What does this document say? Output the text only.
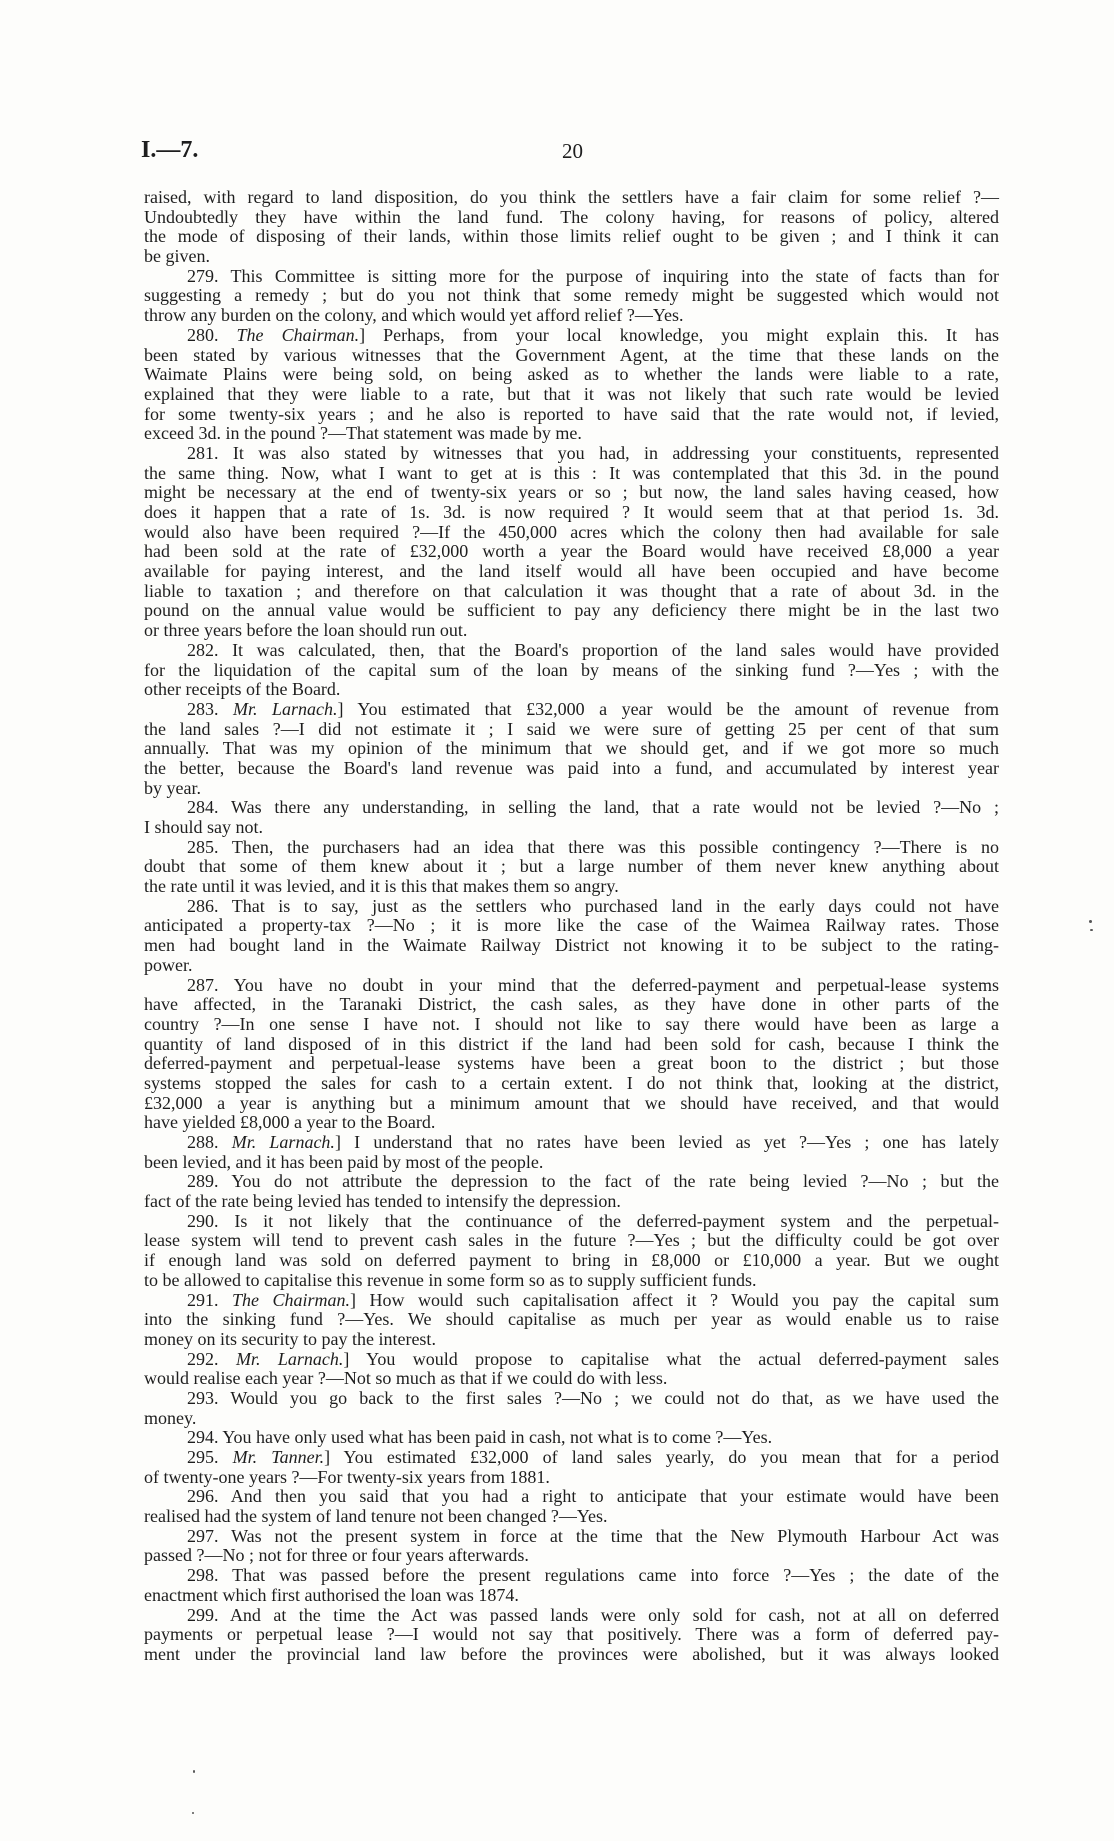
I.—7.	20
raised, with regard to land disposition, do you think the settlers have a fair claim for some relief ?—
Undoubtedly they have within the land fund. The colony having, for reasons of policy, altered
the mode of disposing of their lands, within those limits relief ought to be given ; and I think it can
be given.
279. This Committee is sitting more for the purpose of inquiring into the state of facts than for
suggesting a remedy ; but do you not think that some remedy might be suggested which would not
throw any burden on the colony, and which would yet afford relief ?—Yes.
280. The Chairman.] Perhaps, from your local knowledge, you might explain this. It has
been stated by various witnesses that the Government Agent, at the time that these lands on the
Waimate Plains were being sold, on being asked as to whether the lands were liable to a rate,
explained that they were liable to a rate, but that it was not likely that such rate would be levied
for some twenty-six years ; and he also is reported to have said that the rate would not, if levied,
exceed 3d. in the pound ?—That statement was made by me.
281. It was also stated by witnesses that you had, in addressing your constituents, represented
the same thing. Now, what I want to get at is this : It was contemplated that this 3d. in the pound
might be necessary at the end of twenty-six years or so ; but now, the land sales having ceased, how
does it happen that a rate of 1s. 3d. is now required ? It would seem that at that period 1s. 3d.
would also have been required ?—If the 450,000 acres which the colony then had available for sale
had been sold at the rate of £32,000 worth a year the Board would have received £8,000 a year
available for paying interest, and the land itself would all have been occupied and have become
liable to taxation ; and therefore on that calculation it was thought that a rate of about 3d. in the
pound on the annual value would be sufficient to pay any deficiency there might be in the last two
or three years before the loan should run out.
282. It was calculated, then, that the Board's proportion of the land sales would have provided
for the liquidation of the capital sum of the loan by means of the sinking fund ?—Yes ; with the
other receipts of the Board.
283. Mr. Larnach.] You estimated that £32,000 a year would be the amount of revenue from
the land sales ?—I did not estimate it ; I said we were sure of getting 25 per cent of that sum
annually. That was my opinion of the minimum that we should get, and if we got more so much
the better, because the Board's land revenue was paid into a fund, and accumulated by interest year
by year.
284. Was there any understanding, in selling the land, that a rate would not be levied ?—No ;
I should say not.
285. Then, the purchasers had an idea that there was this possible contingency ?—There is no
doubt that some of them knew about it ; but a large number of them never knew anything about
the rate until it was levied, and it is this that makes them so angry.
286. That is to say, just as the settlers who purchased land in the early days could not have
anticipated a property-tax ?—No ; it is more like the case of the Waimea Railway rates. Those
men had bought land in the Waimate Railway District not knowing it to be subject to the rating-
power.
287. You have no doubt in your mind that the deferred-payment and perpetual-lease systems
have affected, in the Taranaki District, the cash sales, as they have done in other parts of the
country ?—In one sense I have not. I should not like to say there would have been as large a
quantity of land disposed of in this district if the land had been sold for cash, because I think the
deferred-payment and perpetual-lease systems have been a great boon to the district ; but those
systems stopped the sales for cash to a certain extent. I do not think that, looking at the district,
£32,000 a year is anything but a minimum amount that we should have received, and that would
have yielded £8,000 a year to the Board.
288. Mr. Larnach.] I understand that no rates have been levied as yet ?—Yes ; one has lately
been levied, and it has been paid by most of the people.
289. You do not attribute the depression to the fact of the rate being levied ?—No ; but the
fact of the rate being levied has tended to intensify the depression.
290. Is it not likely that the continuance of the deferred-payment system and the perpetual-
lease system will tend to prevent cash sales in the future ?—Yes ; but the difficulty could be got over
if enough land was sold on deferred payment to bring in £8,000 or £10,000 a year. But we ought
to be allowed to capitalise this revenue in some form so as to supply sufficient funds.
291. The Chairman.] How would such capitalisation affect it ? Would you pay the capital sum
into the sinking fund ?—Yes. We should capitalise as much per year as would enable us to raise
money on its security to pay the interest.
292. Mr. Larnach.] You would propose to capitalise what the actual deferred-payment sales
would realise each year ?—Not so much as that if we could do with less.
293. Would you go back to the first sales ?—No ; we could not do that, as we have used the
money.
294. You have only used what has been paid in cash, not what is to come ?—Yes.
295. Mr. Tanner.] You estimated £32,000 of land sales yearly, do you mean that for a period
of twenty-one years ?—For twenty-six years from 1881.
296. And then you said that you had a right to anticipate that your estimate would have been
realised had the system of land tenure not been changed ?—Yes.
297. Was not the present system in force at the time that the New Plymouth Harbour Act was
passed ?—No ; not for three or four years afterwards.
298. That was passed before the present regulations came into force ?—Yes ; the date of the
enactment which first authorised the loan was 1874.
299. And at the time the Act was passed lands were only sold for cash, not at all on deferred
payments or perpetual lease ?—I would not say that positively. There was a form of deferred pay-
ment under the provincial land law before the provinces were abolished, but it was always looked
